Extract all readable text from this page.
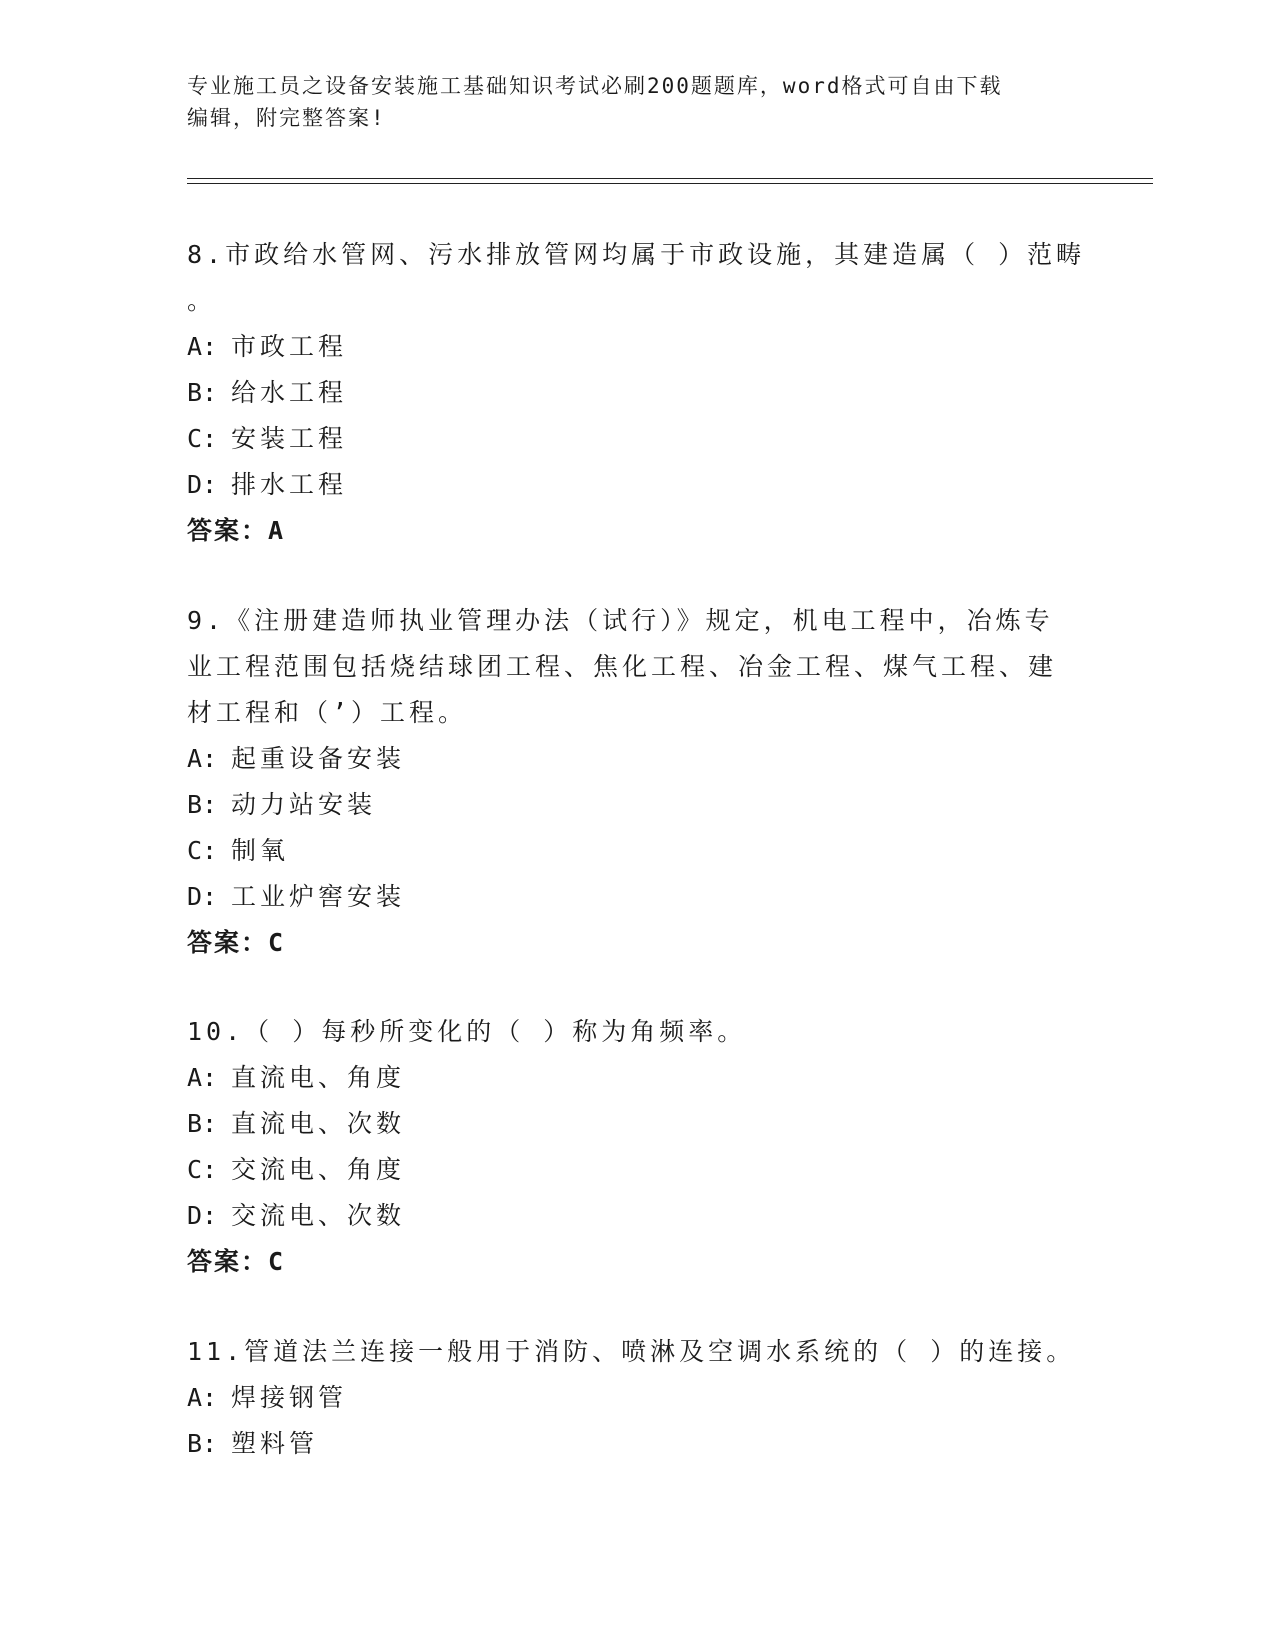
专业施工员之设备安装施工基础知识考试必刷200题题库，word格式可自由下载
编辑，附完整答案!

8.市政给水管网、污水排放管网均属于市政设施，其建造属（ ）范畴

。

A: 市政工程

B: 给水工程

C: 安装工程

D: 排水工程

答案：A

9.《注册建造师执业管理办法（试行）》规定，机电工程中，冶炼专

业工程范围包括烧结球团工程、焦化工程、冶金工程、煤气工程、建

材工程和（’）工程。

A: 起重设备安装

B: 动力站安装

C: 制氧

D: 工业炉窖安装

答案：C

10.（ ）每秒所变化的（ ）称为角频率。

A: 直流电、角度

B: 直流电、次数

C: 交流电、角度

D: 交流电、次数

答案：C

11.管道法兰连接一般用于消防、喷淋及空调水系统的（ ）的连接。

A: 焊接钢管

B: 塑料管
